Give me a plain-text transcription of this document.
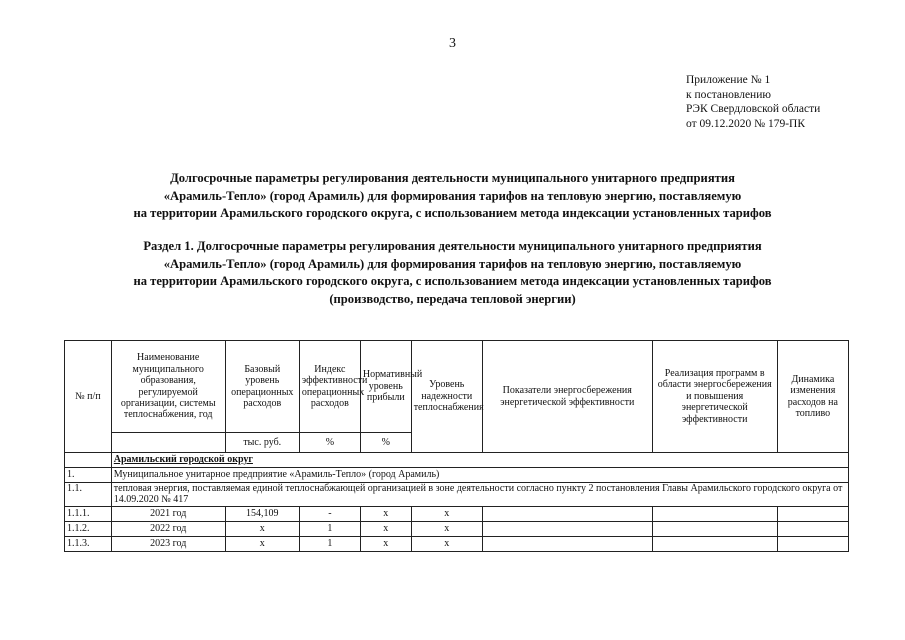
3
Приложение № 1
к постановлению
РЭК Свердловской области
от 09.12.2020 № 179-ПК
Долгосрочные параметры регулирования деятельности муниципального унитарного предприятия
«Арамиль-Тепло» (город Арамиль) для формирования тарифов на тепловую энергию, поставляемую
на территории Арамильского городского округа, с использованием метода индексации установленных тарифов
Раздел 1. Долгосрочные параметры регулирования деятельности муниципального унитарного предприятия
«Арамиль-Тепло» (город Арамиль) для формирования тарифов на тепловую энергию, поставляемую
на территории Арамильского городского округа, с использованием метода индексации установленных тарифов
(производство, передача тепловой энергии)
№ п/п	Наименование муниципального образования, регулируемой организации, системы теплоснабжения, год	Базовый уровень операционных расходов	Индекс эффективности операционных расходов	Нормативный уровень прибыли	Уровень надежности теплоснабжения	Показатели энергосбережения энергетической эффективности	Реализация программ в области энергосбережения и повышения энергетической эффективности	Динамика изменения расходов на топливо
		тыс. руб.	%	%				
	Арамильский городской округ							
1.	Муниципальное унитарное предприятие «Арамиль-Тепло» (город Арамиль)							
1.1.	тепловая энергия, поставляемая единой теплоснабжающей организацией в зоне деятельности согласно пункту 2 постановления Главы Арамильского городского округа от 14.09.2020 № 417							
1.1.1.	2021 год	154,109	-	x	x			
1.1.2.	2022 год	x	1	x	x			
1.1.3.	2023 год	x	1	x	x			
